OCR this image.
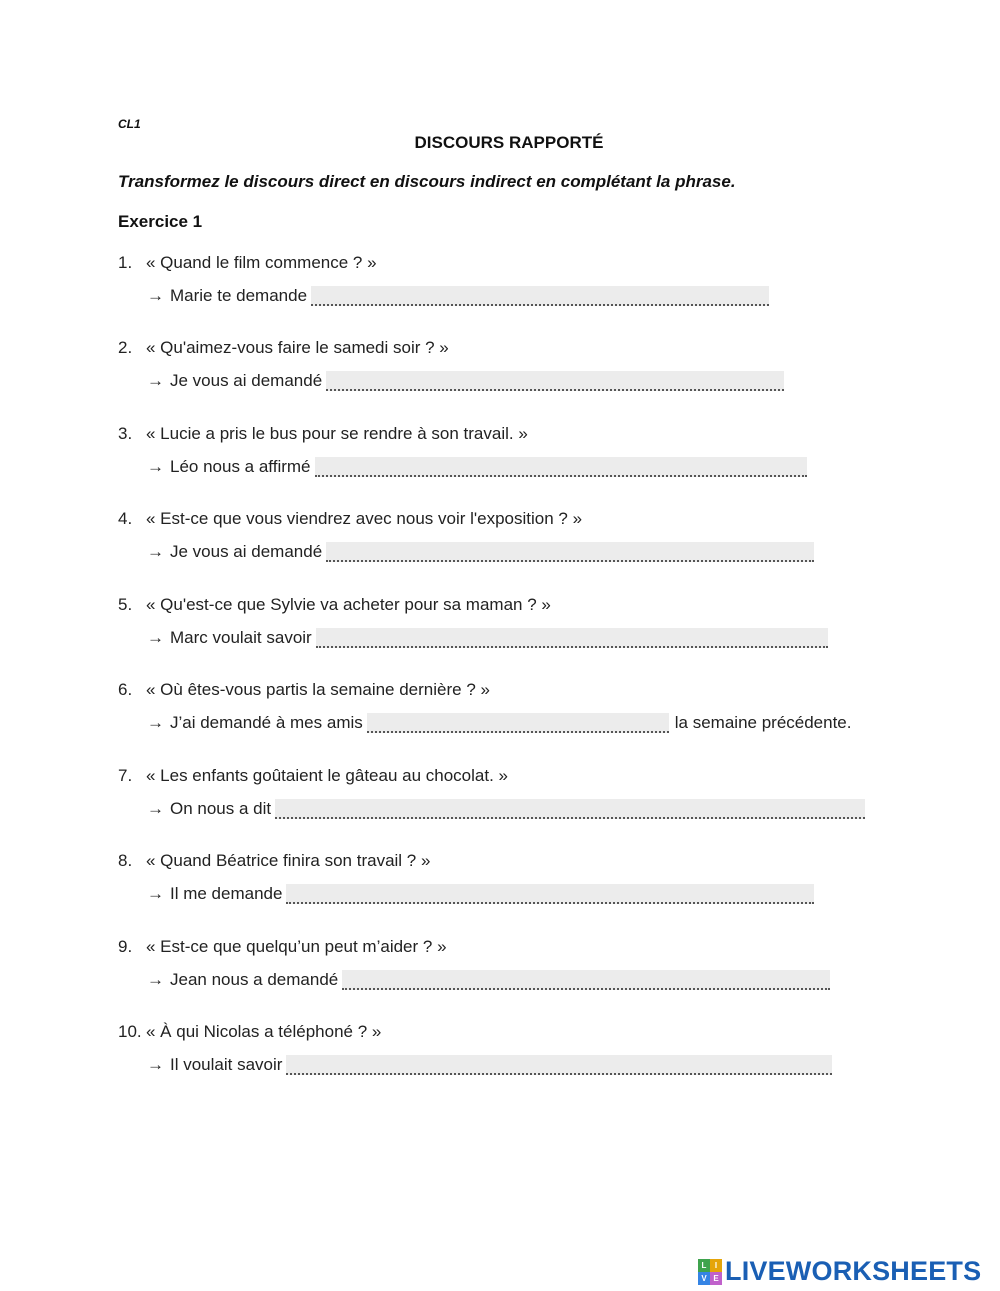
CL1
DISCOURS RAPPORTÉ
Transformez le discours direct en discours indirect en complétant la phrase.
Exercice 1
1. « Quand le film commence ? »
→ Marie te demande
2. « Qu'aimez-vous faire le samedi soir ? »
→ Je vous ai demandé
3. « Lucie a pris le bus pour se rendre à son travail. »
→ Léo nous a affirmé
4. « Est-ce que vous viendrez avec nous voir l'exposition ? »
→ Je vous ai demandé
5. « Qu'est-ce que Sylvie va acheter pour sa maman ? »
→ Marc voulait savoir
6. « Où êtes-vous partis la semaine dernière ? »
→ J’ai demandé à mes amis	la semaine précédente.
7. « Les enfants goûtaient le gâteau au chocolat. »
→ On nous a dit
8. « Quand Béatrice finira son travail ? »
→ Il me demande
9. « Est-ce que quelqu’un peut m’aider ? »
→ Jean nous a demandé
10. « À qui Nicolas a téléphoné ? »
→ Il voulait savoir
L	I
V E LIVEWORKSHEETS
